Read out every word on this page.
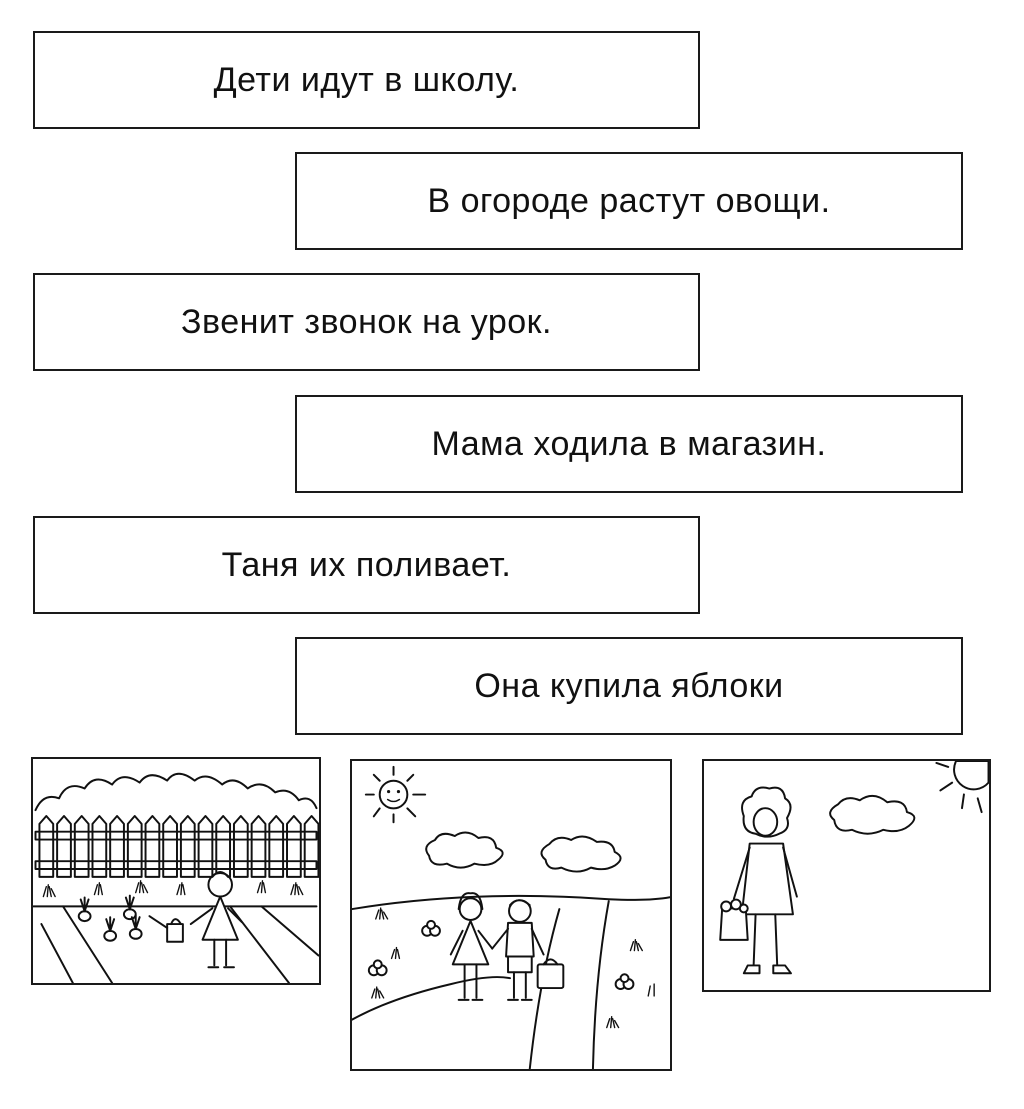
Дети идут в школу.
В огороде растут овощи.
Звенит звонок на урок.
Мама ходила в магазин.
Таня их поливает.
Она купила яблоки
